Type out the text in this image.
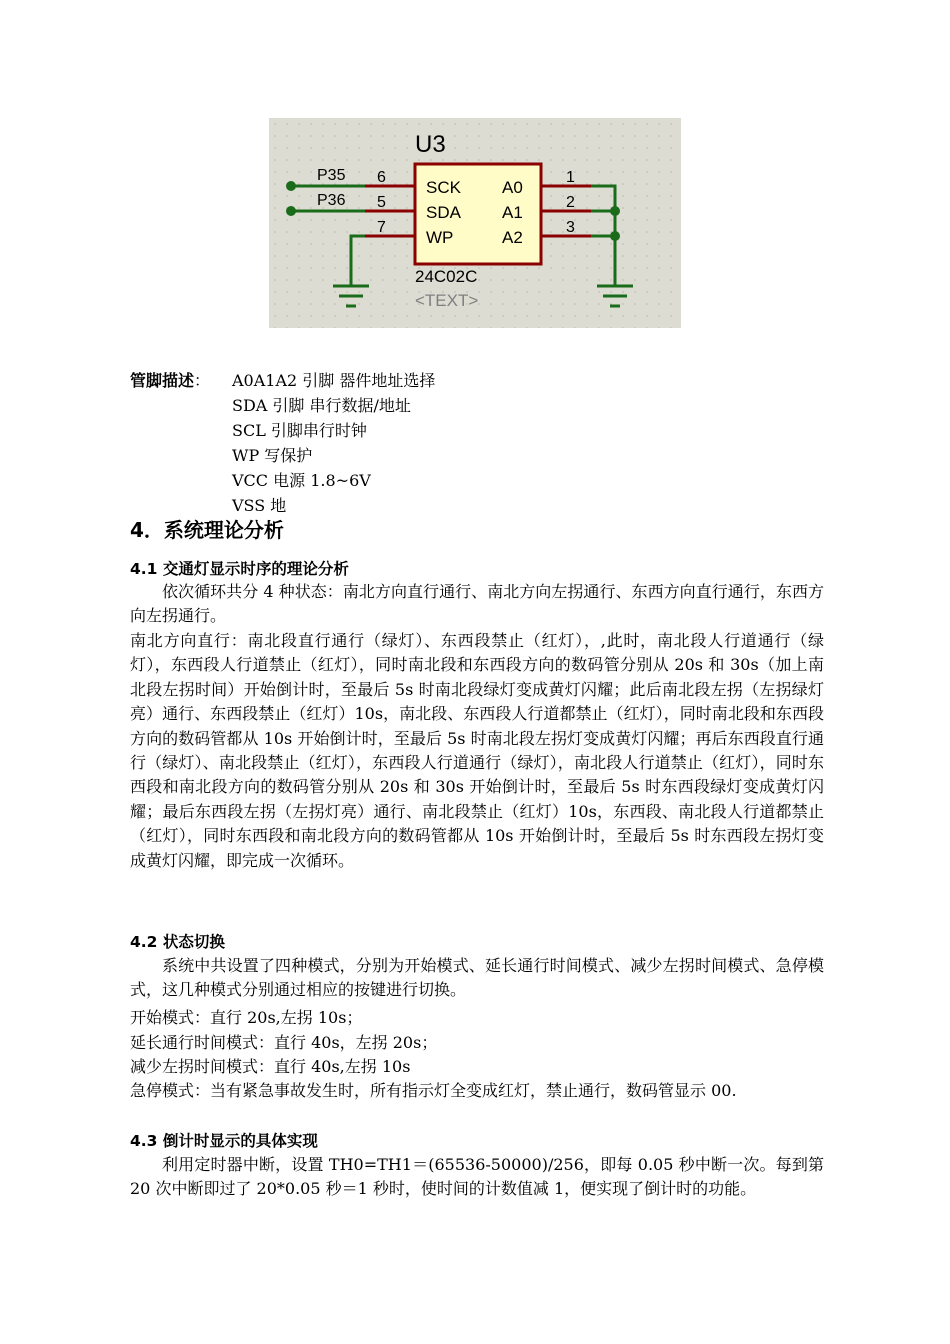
U3
SCK
SDA
WP
A0
A1
A2
6
5
7
1
2
3
P35
P36
24C02C
<TEXT>
管脚描述： A0A1A2 引脚 器件地址选择
SDA 引脚 串行数据/地址
SCL 引脚串行时钟
WP 写保护
VCC 电源 1.8~6V
VSS 地
4．系统理论分析
4.1 交通灯显示时序的理论分析

依次循环共分 4 种状态：南北方向直行通行、南北方向左拐通行、东西方向直行通行，东西方向左拐通行。

南北方向直行：南北段直行通行（绿灯）、东西段禁止（红灯），,此时，南北段人行道通行（绿灯），东西段人行道禁止（红灯），同时南北段和东西段方向的数码管分别从 20s 和 30s（加上南北段左拐时间）开始倒计时，至最后 5s 时南北段绿灯变成黄灯闪耀；此后南北段左拐（左拐绿灯亮）通行、东西段禁止（红灯）10s，南北段、东西段人行道都禁止（红灯），同时南北段和东西段方向的数码管都从 10s 开始倒计时，至最后 5s 时南北段左拐灯变成黄灯闪耀；再后东西段直行通行（绿灯）、南北段禁止（红灯），东西段人行道通行（绿灯），南北段人行道禁止（红灯），同时东西段和南北段方向的数码管分别从 20s 和 30s 开始倒计时，至最后 5s 时东西段绿灯变成黄灯闪耀；最后东西段左拐（左拐灯亮）通行、南北段禁止（红灯）10s，东西段、南北段人行道都禁止（红灯），同时东西段和南北段方向的数码管都从 10s 开始倒计时，至最后 5s 时东西段左拐灯变成黄灯闪耀，即完成一次循环。

4.2 状态切换

系统中共设置了四种模式，分别为开始模式、延长通行时间模式、减少左拐时间模式、急停模式，这几种模式分别通过相应的按键进行切换。

开始模式：直行 20s,左拐 10s；
延长通行时间模式：直行 40s，左拐 20s；
减少左拐时间模式：直行 40s,左拐 10s

急停模式：当有紧急事故发生时，所有指示灯全变成红灯，禁止通行，数码管显示 00.

4.3 倒计时显示的具体实现

利用定时器中断，设置 TH0=TH1＝(65536-50000)/256，即每 0.05 秒中断一次。每到第 20 次中断即过了 20*0.05 秒＝1 秒时，使时间的计数值减 1，便实现了倒计时的功能。
